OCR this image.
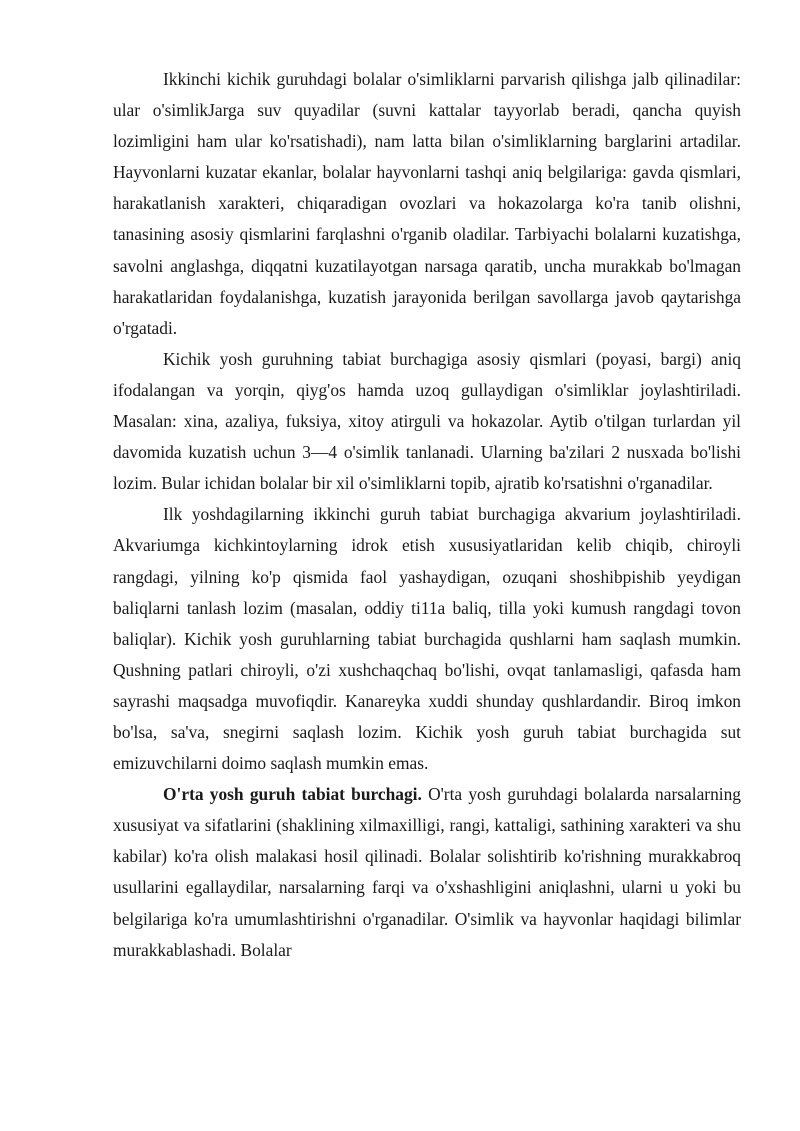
Ikkinchi kichik guruhdagi bolalar o'simliklarni parvarish qilishga jalb qilinadilar: ular o'simlikJarga suv quyadilar (suvni kattalar tayyorlab beradi, qancha quyish lozimligini ham ular ko'rsatishadi), nam latta bilan o'simliklarning barglarini artadilar. Hayvonlarni kuzatar ekanlar, bolalar hayvonlarni tashqi aniq belgilariga: gavda qismlari, harakatlanish xarakteri, chiqaradigan ovozlari va hokazolarga ko'ra tanib olishni, tanasining asosiy qismlarini farqlashni o'rganib oladilar. Tarbiyachi bolalarni kuzatishga, savolni anglashga, diqqatni kuzatilayotgan narsaga qaratib, uncha murakkab bo'lmagan harakatlaridan foydalanishga, kuzatish jarayonida berilgan savollarga javob qaytarishga o'rgatadi.

Kichik yosh guruhning tabiat burchagiga asosiy qismlari (poyasi, bargi) aniq ifodalangan va yorqin, qiyg'os hamda uzoq gullaydigan o'simliklar joylashtiriladi. Masalan: xina, azaliya, fuksiya, xitoy atirguli va hokazolar. Aytib o'tilgan turlardan yil davomida kuzatish uchun 3—4 o'simlik tanlanadi. Ularning ba'zilari 2 nusxada bo'lishi lozim. Bular ichidan bolalar bir xil o'simliklarni topib, ajratib ko'rsatishni o'rganadilar.

Ilk yoshdagilarning ikkinchi guruh tabiat burchagiga akvarium joylashtiriladi. Akvariumga kichkintoylarning idrok etish xususiyatlaridan kelib chiqib, chiroyli rangdagi, yilning ko'p qismida faol yashaydigan, ozuqani shoshibpishib yeydigan baliqlarni tanlash lozim (masalan, oddiy ti11a baliq, tilla yoki kumush rangdagi tovon baliqlar). Kichik yosh guruhlarning tabiat burchagida qushlarni ham saqlash mumkin. Qushning patlari chiroyli, o'zi xushchaqchaq bo'lishi, ovqat tanlamasligi, qafasda ham sayrashi maqsadga muvofiqdir. Kanareyka xuddi shunday qushlardandir. Biroq imkon bo'lsa, sa'va, snegirni saqlash lozim. Kichik yosh guruh tabiat burchagida sut emizuvchilarni doimo saqlash mumkin emas.

O'rta yosh guruh tabiat burchagi. O'rta yosh guruhdagi bolalarda narsalarning xususiyat va sifatlarini (shaklining xilmaxilligi, rangi, kattaligi, sathining xarakteri va shu kabilar) ko'ra olish malakasi hosil qilinadi. Bolalar solishtirib ko'rishning murakkabroq usullarini egallaydilar, narsalarning farqi va o'xshashligini aniqlashni, ularni u yoki bu belgilariga ko'ra umumlashtirishni o'rganadilar. O'simlik va hayvonlar haqidagi bilimlar murakkablashadi. Bolalar
